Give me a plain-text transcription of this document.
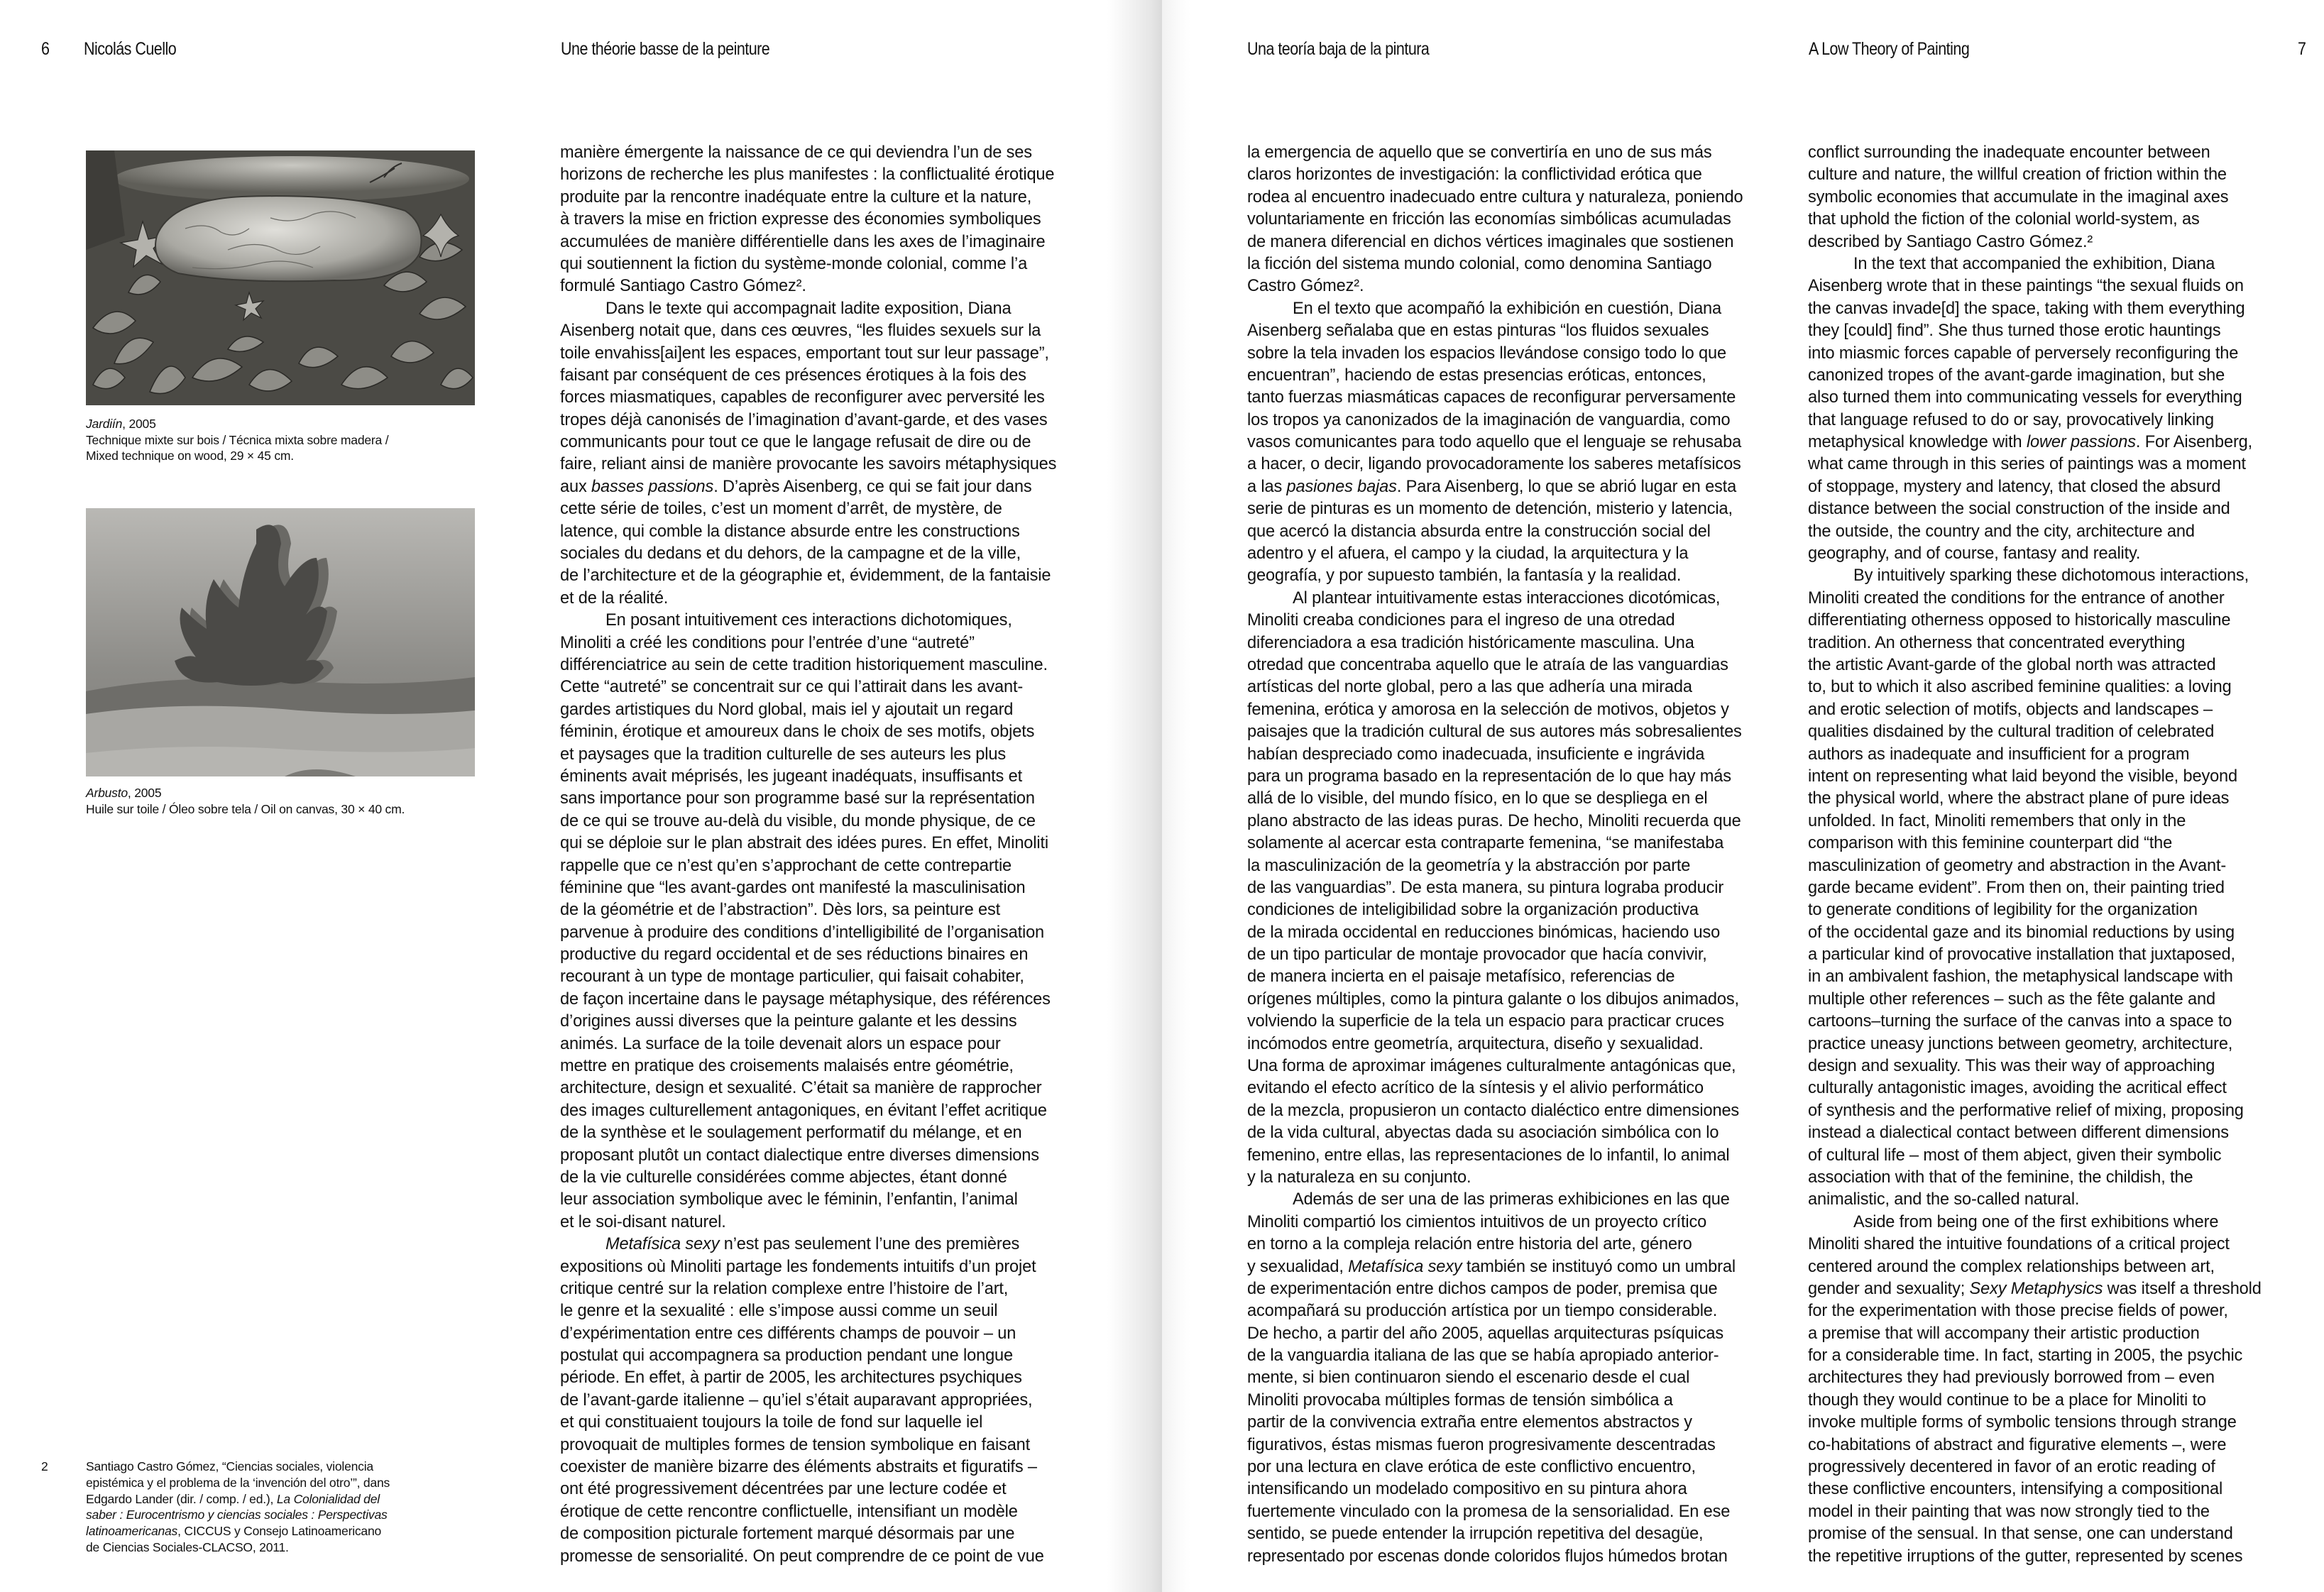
6 Nicolás Cuello	Une théorie basse de la peinture
Jardiín, 2005
Technique mixte sur bois / Técnica mixta sobre madera /
Mixed technique on wood, 29 × 45 cm.
Arbusto, 2005
Huile sur toile / Óleo sobre tela / Oil on canvas, 30 × 40 cm.
2	Santiago Castro Gómez, “Ciencias sociales, violencia
epistémica y el problema de la ‘invención del otro’”, dans
Edgardo Lander (dir. / comp. / ed.), La Colonialidad del
saber : Eurocentrismo y ciencias sociales : Perspectivas
latinoamericanas, CICCUS y Consejo Latinoamericano
de Ciencias Sociales-CLACSO, 2011.
manière émergente la naissance de ce qui deviendra l’un de ses
horizons de recherche les plus manifestes : la conflictualité érotique
produite par la rencontre inadéquate entre la culture et la nature,
à travers la mise en friction expresse des économies symboliques
accumulées de manière différentielle dans les axes de l’imaginaire
qui soutiennent la fiction du système-monde colonial, comme l’a
formulé Santiago Castro Gómez².
Dans le texte qui accompagnait ladite exposition, Diana
Aisenberg notait que, dans ces œuvres, “les fluides sexuels sur la
toile envahiss[ai]ent les espaces, emportant tout sur leur passage”,
faisant par conséquent de ces présences érotiques à la fois des
forces miasmatiques, capables de reconfigurer avec perversité les
tropes déjà canonisés de l’imagination d’avant-garde, et des vases
communicants pour tout ce que le langage refusait de dire ou de
faire, reliant ainsi de manière provocante les savoirs métaphysiques
aux basses passions. D’après Aisenberg, ce qui se fait jour dans
cette série de toiles, c’est un moment d’arrêt, de mystère, de
latence, qui comble la distance absurde entre les constructions
sociales du dedans et du dehors, de la campagne et de la ville,
de l’architecture et de la géographie et, évidemment, de la fantaisie
et de la réalité.
En posant intuitivement ces interactions dichotomiques,
Minoliti a créé les conditions pour l’entrée d’une “autreté”
différenciatrice au sein de cette tradition historiquement masculine.
Cette “autreté” se concentrait sur ce qui l’attirait dans les avant-
gardes artistiques du Nord global, mais iel y ajoutait un regard
féminin, érotique et amoureux dans le choix de ses motifs, objets
et paysages que la tradition culturelle de ses auteurs les plus
éminents avait méprisés, les jugeant inadéquats, insuffisants et
sans importance pour son programme basé sur la représentation
de ce qui se trouve au-delà du visible, du monde physique, de ce
qui se déploie sur le plan abstrait des idées pures. En effet, Minoliti
rappelle que ce n’est qu’en s’approchant de cette contrepartie
féminine que “les avant-gardes ont manifesté la masculinisation
de la géométrie et de l’abstraction”. Dès lors, sa peinture est
parvenue à produire des conditions d’intelligibilité de l’organisation
productive du regard occidental et de ses réductions binaires en
recourant à un type de montage particulier, qui faisait cohabiter,
de façon incertaine dans le paysage métaphysique, des références
d’origines aussi diverses que la peinture galante et les dessins
animés. La surface de la toile devenait alors un espace pour
mettre en pratique des croisements malaisés entre géométrie,
architecture, design et sexualité. C’était sa manière de rapprocher
des images culturellement antagoniques, en évitant l’effet acritique
de la synthèse et le soulagement performatif du mélange, et en
proposant plutôt un contact dialectique entre diverses dimensions
de la vie culturelle considérées comme abjectes, étant donné
leur association symbolique avec le féminin, l’enfantin, l’animal
et le soi-disant naturel.
Metafísica sexy n’est pas seulement l’une des premières
expositions où Minoliti partage les fondements intuitifs d’un projet
critique centré sur la relation complexe entre l’histoire de l’art,
le genre et la sexualité : elle s’impose aussi comme un seuil
d’expérimentation entre ces différents champs de pouvoir – un
postulat qui accompagnera sa production pendant une longue
période. En effet, à partir de 2005, les architectures psychiques
de l’avant-garde italienne – qu’iel s’était auparavant appropriées,
et qui constituaient toujours la toile de fond sur laquelle iel
provoquait de multiples formes de tension symbolique en faisant
coexister de manière bizarre des éléments abstraits et figuratifs –
ont été progressivement décentrées par une lecture codée et
érotique de cette rencontre conflictuelle, intensifiant un modèle
de composition picturale fortement marqué désormais par une
promesse de sensorialité. On peut comprendre de ce point de vue
Una teoría baja de la pintura	A Low Theory of Painting	7
la emergencia de aquello que se convertiría en uno de sus más
claros horizontes de investigación: la conflictividad erótica que
rodea al encuentro inadecuado entre cultura y naturaleza, poniendo
voluntariamente en fricción las economías simbólicas acumuladas
de manera diferencial en dichos vértices imaginales que sostienen
la ficción del sistema mundo colonial, como denomina Santiago
Castro Gómez².
En el texto que acompañó la exhibición en cuestión, Diana
Aisenberg señalaba que en estas pinturas “los fluidos sexuales
sobre la tela invaden los espacios llevándose consigo todo lo que
encuentran”, haciendo de estas presencias eróticas, entonces,
tanto fuerzas miasmáticas capaces de reconfigurar perversamente
los tropos ya canonizados de la imaginación de vanguardia, como
vasos comunicantes para todo aquello que el lenguaje se rehusaba
a hacer, o decir, ligando provocadoramente los saberes metafísicos
a las pasiones bajas. Para Aisenberg, lo que se abrió lugar en esta
serie de pinturas es un momento de detención, misterio y latencia,
que acercó la distancia absurda entre la construcción social del
adentro y el afuera, el campo y la ciudad, la arquitectura y la
geografía, y por supuesto también, la fantasía y la realidad.
Al plantear intuitivamente estas interacciones dicotómicas,
Minoliti creaba condiciones para el ingreso de una otredad
diferenciadora a esa tradición históricamente masculina. Una
otredad que concentraba aquello que le atraía de las vanguardias
artísticas del norte global, pero a las que adhería una mirada
femenina, erótica y amorosa en la selección de motivos, objetos y
paisajes que la tradición cultural de sus autores más sobresalientes
habían despreciado como inadecuada, insuficiente e ingrávida
para un programa basado en la representación de lo que hay más
allá de lo visible, del mundo físico, en lo que se despliega en el
plano abstracto de las ideas puras. De hecho, Minoliti recuerda que
solamente al acercar esta contraparte femenina, “se manifestaba
la masculinización de la geometría y la abstracción por parte
de las vanguardias”. De esta manera, su pintura lograba producir
condiciones de inteligibilidad sobre la organización productiva
de la mirada occidental en reducciones binómicas, haciendo uso
de un tipo particular de montaje provocador que hacía convivir,
de manera incierta en el paisaje metafísico, referencias de
orígenes múltiples, como la pintura galante o los dibujos animados,
volviendo la superficie de la tela un espacio para practicar cruces
incómodos entre geometría, arquitectura, diseño y sexualidad.
Una forma de aproximar imágenes culturalmente antagónicas que,
evitando el efecto acrítico de la síntesis y el alivio performático
de la mezcla, propusieron un contacto dialéctico entre dimensiones
de la vida cultural, abyectas dada su asociación simbólica con lo
femenino, entre ellas, las representaciones de lo infantil, lo animal
y la naturaleza en su conjunto.
Además de ser una de las primeras exhibiciones en las que
Minoliti compartió los cimientos intuitivos de un proyecto crítico
en torno a la compleja relación entre historia del arte, género
y sexualidad, Metafísica sexy también se instituyó como un umbral
de experimentación entre dichos campos de poder, premisa que
acompañará su producción artística por un tiempo considerable.
De hecho, a partir del año 2005, aquellas arquitecturas psíquicas
de la vanguardia italiana de las que se había apropiado anterior-
mente, si bien continuaron siendo el escenario desde el cual
Minoliti provocaba múltiples formas de tensión simbólica a
partir de la convivencia extraña entre elementos abstractos y
figurativos, éstas mismas fueron progresivamente descentradas
por una lectura en clave erótica de este conflictivo encuentro,
intensificando un modelado compositivo en su pintura ahora
fuertemente vinculado con la promesa de la sensorialidad. En ese
sentido, se puede entender la irrupción repetitiva del desagüe,
representado por escenas donde coloridos flujos húmedos brotan
conflict surrounding the inadequate encounter between
culture and nature, the willful creation of friction within the
symbolic economies that accumulate in the imaginal axes
that uphold the fiction of the colonial world-system, as
described by Santiago Castro Gómez.²
In the text that accompanied the exhibition, Diana
Aisenberg wrote that in these paintings “the sexual fluids on
the canvas invade[d] the space, taking with them everything
they [could] find”. She thus turned those erotic hauntings
into miasmic forces capable of perversely reconfiguring the
canonized tropes of the avant-garde imagination, but she
also turned them into communicating vessels for everything
that language refused to do or say, provocatively linking
metaphysical knowledge with lower passions. For Aisenberg,
what came through in this series of paintings was a moment
of stoppage, mystery and latency, that closed the absurd
distance between the social construction of the inside and
the outside, the country and the city, architecture and
geography, and of course, fantasy and reality.
By intuitively sparking these dichotomous interactions,
Minoliti created the conditions for the entrance of another
differentiating otherness opposed to historically masculine
tradition. An otherness that concentrated everything
the artistic Avant-garde of the global north was attracted
to, but to which it also ascribed feminine qualities: a loving
and erotic selection of motifs, objects and landscapes –
qualities disdained by the cultural tradition of celebrated
authors as inadequate and insufficient for a program
intent on representing what laid beyond the visible, beyond
the physical world, where the abstract plane of pure ideas
unfolded. In fact, Minoliti remembers that only in the
comparison with this feminine counterpart did “the
masculinization of geometry and abstraction in the Avant-
garde became evident”. From then on, their painting tried
to generate conditions of legibility for the organization
of the occidental gaze and its binomial reductions by using
a particular kind of provocative installation that juxtaposed,
in an ambivalent fashion, the metaphysical landscape with
multiple other references – such as the fête galante and
cartoons–turning the surface of the canvas into a space to
practice uneasy junctions between geometry, architecture,
design and sexuality. This was their way of approaching
culturally antagonistic images, avoiding the acritical effect
of synthesis and the performative relief of mixing, proposing
instead a dialectical contact between different dimensions
of cultural life – most of them abject, given their symbolic
association with that of the feminine, the childish, the
animalistic, and the so-called natural.
Aside from being one of the first exhibitions where
Minoliti shared the intuitive foundations of a critical project
centered around the complex relationships between art,
gender and sexuality; Sexy Metaphysics was itself a threshold
for the experimentation with those precise fields of power,
a premise that will accompany their artistic production
for a considerable time. In fact, starting in 2005, the psychic
architectures they had previously borrowed from – even
though they would continue to be a place for Minoliti to
invoke multiple forms of symbolic tensions through strange
co-habitations of abstract and figurative elements –, were
progressively decentered in favor of an erotic reading of
these conflictive encounters, intensifying a compositional
model in their painting that was now strongly tied to the
promise of the sensual. In that sense, one can understand
the repetitive irruptions of the gutter, represented by scenes
